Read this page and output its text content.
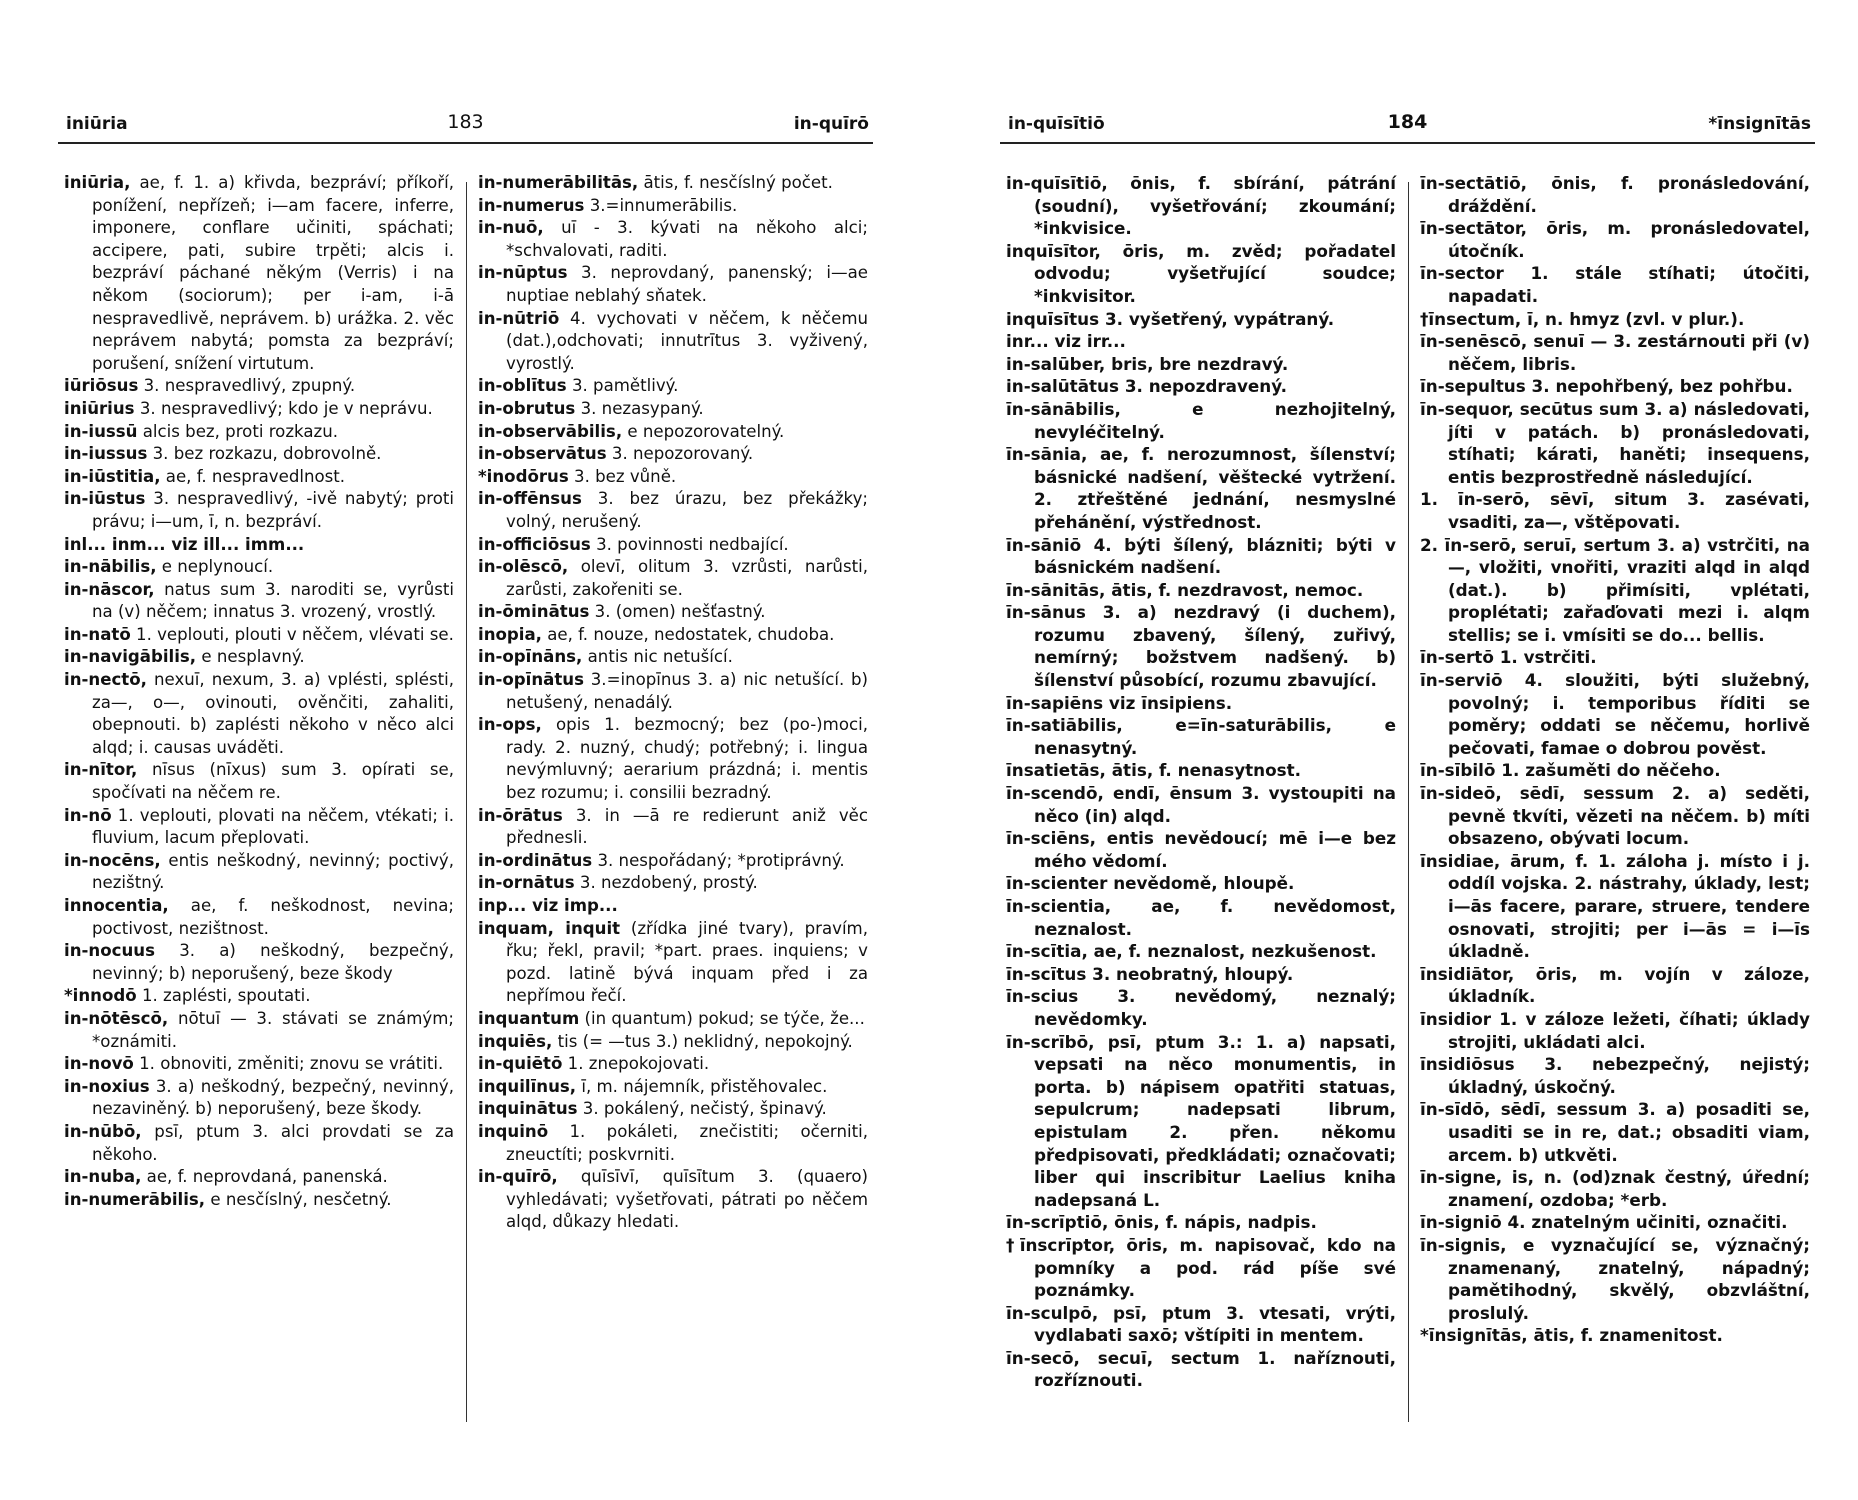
iniūria	183	in-quīrō

iniūria, ae, f. 1. a) křivda, bezpráví; příkoří, ponížení, nepřízeň; i—am facere, inferre, imponere, conflare učiniti, spáchati; accipere, pati, subire trpěti; alcis i. bezpráví páchané někým (Verris) i na někom (sociorum); per i-am, i-ā nespravedlivě, neprávem. b) urážka. 2. věc neprávem nabytá; pomsta za bezpráví; porušení, snížení virtutum.

iūriōsus 3. nespravedlivý, zpupný.

iniūrius 3. nespravedlivý; kdo je v neprávu.

in-iussū alcis bez, proti rozkazu.

in-iussus 3. bez rozkazu, dobrovolně.

in-iūstitia, ae, f. nespravedlnost.

in-iūstus 3. nespravedlivý, -ivě nabytý; proti právu; i—um, ī, n. bezpráví.

inl... inm... viz ill... imm...

in-nābilis, e neplynoucí.

in-nāscor, natus sum 3. naroditi se, vyrůsti na (v) něčem; innatus 3. vrozený, vrostlý.

in-natō 1. veplouti, plouti v něčem, vlévati se.

in-navigābilis, e nesplavný.

in-nectō, nexuī, nexum, 3. a) vplésti, splésti, za—, o—, ovinouti, ověnčiti, zahaliti, obepnouti. b) zaplésti někoho v něco alci alqd; i. causas uváděti.

in-nītor, nīsus (nīxus) sum 3. opírati se, spočívati na něčem re.

in-nō 1. veplouti, plovati na něčem, vtékati; i. fluvium, lacum přeplovati.

in-nocēns, entis neškodný, nevinný; poctivý, nezištný.

innocentia, ae, f. neškodnost, nevina; poctivost, nezištnost.

in-nocuus 3. a) neškodný, bezpečný, nevinný; b) neporušený, beze škody

*innodō 1. zaplésti, spoutati.

in-nōtēscō, nōtuī — 3. stávati se známým; *oznámiti.

in-novō 1. obnoviti, změniti; znovu se vrátiti.

in-noxius 3. a) neškodný, bezpečný, nevinný, nezaviněný. b) neporušený, beze škody.

in-nūbō, psī, ptum 3. alci provdati se za někoho.

in-nuba, ae, f. neprovdaná, panenská.

in-numerābilis, e nesčíslný, nesčetný.

in-numerābilitās, ātis, f. nesčíslný počet.

in-numerus 3.=innumerābilis.

in-nuō, uī - 3. kývati na někoho alci; *schvalovati, raditi.

in-nūptus 3. neprovdaný, panenský; i—ae nuptiae neblahý sňatek.

in-nūtriō 4. vychovati v něčem, k něčemu (dat.),odchovati; innutrītus 3. vyživený, vyrostlý.

in-oblītus 3. pamětlivý.

in-obrutus 3. nezasypaný.

in-observābilis, e nepozorovatelný.

in-observātus 3. nepozorovaný.

*inodōrus 3. bez vůně.

in-offēnsus 3. bez úrazu, bez překážky; volný, nerušený.

in-officiōsus 3. povinnosti nedbající.

in-olēscō, olevī, olitum 3. vzrůsti, narůsti, zarůsti, zakořeniti se.

in-ōminātus 3. (omen) nešťastný.

inopia, ae, f. nouze, nedostatek, chudoba.

in-opīnāns, antis nic netušící.

in-opīnātus 3.=inopīnus 3. a) nic netušící. b) netušený, nenadálý.

in-ops, opis 1. bezmocný; bez (po-)moci, rady. 2. nuzný, chudý; potřebný; i. lingua nevýmluvný; aerarium prázdná; i. mentis bez rozumu; i. consilii bezradný.

in-ōrātus 3. in —ā re redierunt aniž věc přednesli.

in-ordinātus 3. nespořádaný; *protiprávný.

in-ornātus 3. nezdobený, prostý.

inp... viz imp...

inquam, inquit (zřídka jiné tvary), pravím, řku; řekl, pravil; *part. praes. inquiens; v pozd. latině bývá inquam před i za nepřímou řečí.

inquantum (in quantum) pokud; se týče, že...

inquiēs, tis (= —tus 3.) neklidný, nepokojný.

in-quiētō 1. znepokojovati.

inquilīnus, ī, m. nájemník, přistěhovalec.

inquinātus 3. pokálený, nečistý, špinavý.

inquinō 1. pokáleti, znečistiti; očerniti, zneuctíti; poskvrniti.

in-quīrō, quīsīvī, quīsītum 3. (quaero) vyhledávati; vyšetřovati, pátrati po něčem alqd, důkazy hledati.

in-quīsītiō	184	*īnsignītās

in-quīsītiō, ōnis, f. sbírání, pátrání (soudní), vyšetřování; zkoumání; *inkvisice.

inquīsītor, ōris, m. zvěd; pořadatel odvodu; vyšetřující soudce; *inkvisitor.

inquīsītus 3. vyšetřený, vypátraný.

inr... viz irr...

in-salūber, bris, bre nezdravý.

in-salūtātus 3. nepozdravený.

īn-sānābilis, e nezhojitelný, nevyléčitelný.

īn-sānia, ae, f. nerozumnost, šílenství; básnické nadšení, věštecké vytržení. 2. ztřeštěné jednání, nesmyslné přehánění, výstřednost.

īn-sāniō 4. býti šílený, blázniti; býti v básnickém nadšení.

īn-sānitās, ātis, f. nezdravost, nemoc.

īn-sānus 3. a) nezdravý (i duchem), rozumu zbavený, šílený, zuřivý, nemírný; božstvem nadšený. b) šílenství působící, rozumu zbavující.

īn-sapiēns viz īnsipiens.

īn-satiābilis, e=īn-saturābilis, e nenasytný.

īnsatietās, ātis, f. nenasytnost.

īn-scendō, endī, ēnsum 3. vystoupiti na něco (in) alqd.

īn-sciēns, entis nevědoucí; mē i—e bez mého vědomí.

īn-scienter nevědomě, hloupě.

īn-scientia, ae, f. nevědomost, neznalost.

īn-scītia, ae, f. neznalost, nezkušenost.

īn-scītus 3. neobratný, hloupý.

īn-scius 3. nevědomý, neznalý; nevědomky.

īn-scrībō, psī, ptum 3.: 1. a) napsati, vepsati na něco monumentis, in porta. b) nápisem opatřiti statuas, sepulcrum; nadepsati librum, epistulam 2. přen. někomu předpisovati, předkládati; označovati; liber qui inscribitur Laelius kniha nadepsaná L.

īn-scrīptiō, ōnis, f. nápis, nadpis.

†īnscrīptor, ōris, m. napisovač, kdo na pomníky a pod. rád píše své poznámky.

īn-sculpō, psī, ptum 3. vtesati, vrýti, vydlabati saxō; vštípiti in mentem.

īn-secō, secuī, sectum 1. naříznouti, rozříznouti.

īn-sectātiō, ōnis, f. pronásledování, dráždění.

īn-sectātor, ōris, m. pronásledovatel, útočník.

īn-sector 1. stále stíhati; útočiti, napadati.

†īnsectum, ī, n. hmyz (zvl. v plur.).

īn-senēscō, senuī — 3. zestárnouti při (v) něčem, libris.

īn-sepultus 3. nepohřbený, bez pohřbu.

īn-sequor, secūtus sum 3. a) následovati, jíti v patách. b) pronásledovati, stíhati; kárati, haněti; insequens, entis bezprostředně následující.

1. īn-serō, sēvī, situm 3. zasévati, vsaditi, za—, vštěpovati.

2. īn-serō, seruī, sertum 3. a) vstrčiti, na—, vložiti, vnořiti, vraziti alqd in alqd (dat.). b) přimísiti, vplétati, proplétati; zařaďovati mezi i. alqm stellis; se i. vmísiti se do... bellis.

īn-sertō 1. vstrčiti.

īn-serviō 4. sloužiti, býti služebný, povolný; i. temporibus říditi se poměry; oddati se něčemu, horlivě pečovati, famae o dobrou pověst.

īn-sībilō 1. zašuměti do něčeho.

īn-sideō, sēdī, sessum 2. a) seděti, pevně tkvíti, vězeti na něčem. b) míti obsazeno, obývati locum.

īnsidiae, ārum, f. 1. záloha j. místo i j. oddíl vojska. 2. nástrahy, úklady, lest; i—ās facere, parare, struere, tendere osnovati, strojiti; per i—ās = i—īs úkladně.

īnsidiātor, ōris, m. vojín v záloze, úkladník.

īnsidior 1. v záloze ležeti, číhati; úklady strojiti, ukládati alci.

īnsidiōsus 3. nebezpečný, nejistý; úkladný, úskočný.

īn-sīdō, sēdī, sessum 3. a) posaditi se, usaditi se in re, dat.; obsaditi viam, arcem. b) utkvěti.

īn-signe, is, n. (od)znak čestný, úřední; znamení, ozdoba; *erb.

īn-signiō 4. znatelným učiniti, označiti.

īn-signis, e vyznačující se, význačný; znamenaný, znatelný, nápadný; pamětihodný, skvělý, obzvláštní, proslulý.

*īnsignītās, ātis, f. znamenitost.
